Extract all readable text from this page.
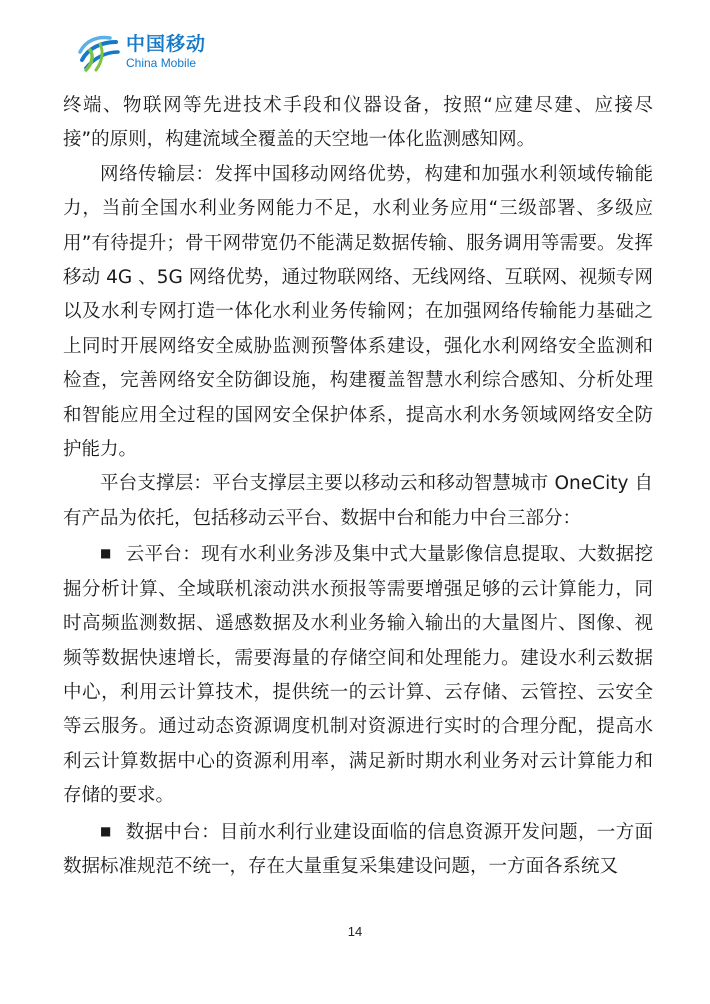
中国移动
China Mobile

终端、物联网等先进技术手段和仪器设备，按照“应建尽建、应接尽接”的原则，构建流域全覆盖的天空地一体化监测感知网。

网络传输层：发挥中国移动网络优势，构建和加强水利领域传输能力，当前全国水利业务网能力不足，水利业务应用“三级部署、多级应用”有待提升；骨干网带宽仍不能满足数据传输、服务调用等需要。发挥移动 4G 、5G 网络优势，通过物联网络、无线网络、互联网、视频专网以及水利专网打造一体化水利业务传输网；在加强网络传输能力基础之上同时开展网络安全威胁监测预警体系建设，强化水利网络安全监测和检查，完善网络安全防御设施，构建覆盖智慧水利综合感知、分析处理和智能应用全过程的国网安全保护体系，提高水利水务领域网络安全防护能力。

平台支撑层：平台支撑层主要以移动云和移动智慧城市 OneCity 自有产品为依托，包括移动云平台、数据中台和能力中台三部分：

■ 云平台：现有水利业务涉及集中式大量影像信息提取、大数据挖掘分析计算、全域联机滚动洪水预报等需要增强足够的云计算能力，同时高频监测数据、遥感数据及水利业务输入输出的大量图片、图像、视频等数据快速增长，需要海量的存储空间和处理能力。建设水利云数据中心，利用云计算技术，提供统一的云计算、云存储、云管控、云安全等云服务。通过动态资源调度机制对资源进行实时的合理分配，提高水利云计算数据中心的资源利用率，满足新时期水利业务对云计算能力和存储的要求。

■ 数据中台：目前水利行业建设面临的信息资源开发问题，一方面数据标准规范不统一，存在大量重复采集建设问题，一方面各系统又

14
